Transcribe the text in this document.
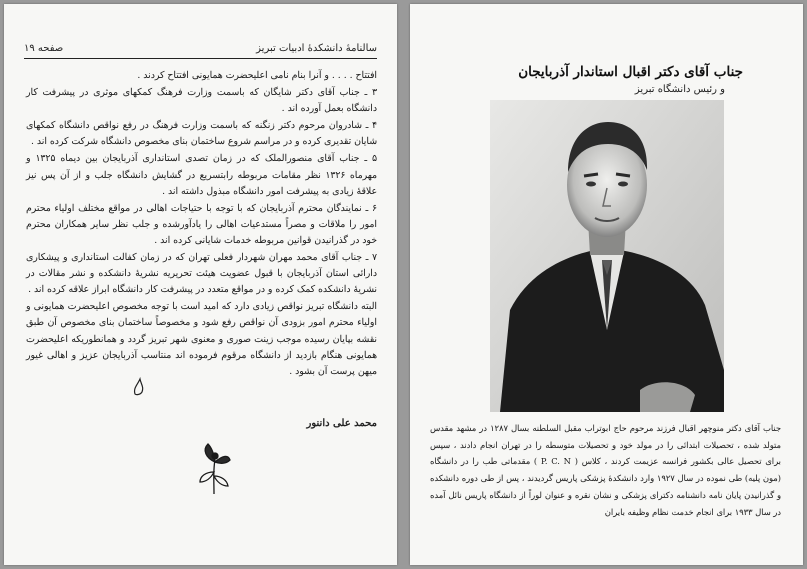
سالنامهٔ دانشکدهٔ ادبیات تبریز
صفحه ۱۹

افتتاح . . . . و آنرا بنام نامی اعلیحضرت همایونی افتتاح کردند .

۳ ـ جناب آقای دکتر شایگان که باسمت وزارت فرهنگ کمکهای موثری در پیشرفت کار دانشگاه بعمل آورده اند .

۴ ـ شادروان مرحوم دکتر زنگنه که باسمت وزارت فرهنگ در رفع نواقص دانشگاه کمکهای شایان تقدیری کرده و در مراسم شروع ساختمان بنای مخصوص دانشگاه شرکت کرده اند .

۵ ـ جناب آقای منصورالملک که در زمان تصدی استانداری آذربایجان بین دیماه ۱۳۲۵ و مهرماه ۱۳۲۶ نظر مقامات مربوطه رابتسریع در گشایش دانشگاه جلب و از آن پس نیز علاقهٔ زیادی به پیشرفت امور دانشگاه مبذول داشته اند .

۶ ـ نمایندگان محترم آذربایجان که با توجه با حتیاجات اهالی در مواقع مختلف اولیاء محترم امور را ملاقات و مصراً مستدعیات اهالی را یادآورشده و جلب نظر سایر همکاران محترم خود در گذرانیدن قوانین مربوطه خدمات شایانی کرده اند .

۷ ـ جناب آقای محمد مهران شهردار فعلی تهران که در زمان کفالت استانداری و پیشکاری دارائی استان آذربایجان با قبول عضویت هیئت تحریریه نشریهٔ دانشکده و نشر مقالات در نشریهٔ دانشکده کمک کرده و در مواقع متعدد در پیشرفت کار دانشگاه ابراز علاقه کرده اند .

البته دانشگاه تبریز نواقص زیادی دارد که امید است با توجه مخصوص اعلیحضرت همایونی و اولیاء محترم امور بزودی آن نواقص رفع شود و مخصوصاً ساختمان بنای مخصوص آن طبق نقشه بپایان رسیده موجب زینت صوری و معنوی شهر تبریز گردد و همانطوریکه اعلیحضرت همایونی هنگام بازدید از دانشگاه مرقوم فرموده اند منتاسب آذربایجان عزیز و اهالی غیور میهن پرست آن بشود .

محمد علی داننور
جناب آقای دکتر اقبال استاندار آذربایجان
و رئیس دانشگاه تبریز
جناب آقای دکتر منوچهر اقبال فرزند مرحوم حاج ابوتراب مقبل السلطنه بسال ۱۲۸۷ در مشهد مقدس متولد شده ، تحصیلات ابتدائی را در مولد خود و تحصیلات متوسطه را در تهران انجام دادند ، سپس برای تحصیل عالی بکشور فرانسه عزیمت کردند ، کلاس ( P. C. N ) مقدماتی طب را در دانشگاه (مون پلیه) طی نموده در سال ۱۹۲۷ وارد دانشکدهٔ پزشکی پاریس گردیدند ، پس از طی دوره دانشکده و گذرانیدن پایان نامه دانشنامه دکترای پزشکی و نشان نقره و عنوان لوراً از دانشگاه پاریس نائل آمده در سال ۱۹۳۳ برای انجام خدمت نظام وظیفه بایران
